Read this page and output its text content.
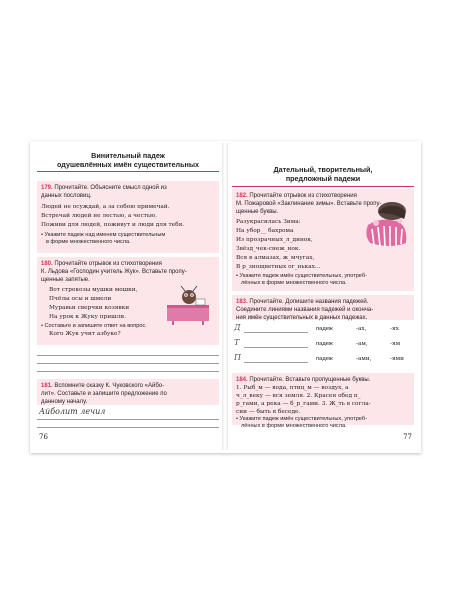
Винительный падеж
одушевлённых имён существительных
179. Прочитайте. Объясните смысл одной из
данных пословиц.
Людей не осуждай, а за собою примечай.
Встречай людей не лестью, а честью.
Поживи для людей, поживут и люди для тебя.
• Укажите падеж над именем существительным
в форме множественного числа.
180. Прочитайте отрывок из стихотворения
К. Льдова «Господин учитель Жук». Вставьте пропу-
щенные запятые.
Вот стрекозы мушки мошки,
Пчёлы осы и шмели
Муравьи сверчки козявки
На урок к Жуку пришли.
• Составьте и запишите ответ на вопрос.
Кого Жук учит азбуке?
181. Вспомните сказку К. Чуковского «Айбо-
лит». Составьте и запишите предложение по
данному началу.
Айболит лечил
76
Дательный, творительный,
предложный падежи
182. Прочитайте отрывок из стихотворения
М. Пожаровой «Заклинание зимы». Вставьте пропу-
щенные буквы.
Разукрасилась Зима:
На убор__ бахрома
Из прозрачных_л_динок,
Звёзд_чек-снеж_нок.
Вся в алмазах, ж_мчугах,
В р_знощветных ог_ньках…
• Укажите падеж имён существительных, употреб-
лённых в форме множественного числа.
183. Прочитайте. Допишите названия падежей.
Соедините линиями названия падежей и оконча-
ния имён существительных в данных падежах.
Д	падеж	-ах,	-ях
Т	падеж	-ам,	-ям
П	падеж	-ами,	-ями
184. Прочитайте. Вставьте пропущенные буквы.
1. Рыб_м — вода, птиц_м — воздух, а
ч_л_веку — вся земля. 2. Красен обед п_
р_гами, а река — б_р_гами. 3. Ж_ть в согла-
сии — быть в беседе.
• Укажите падеж имён существительных, употреб-
лённых в форме множественного числа.
77
